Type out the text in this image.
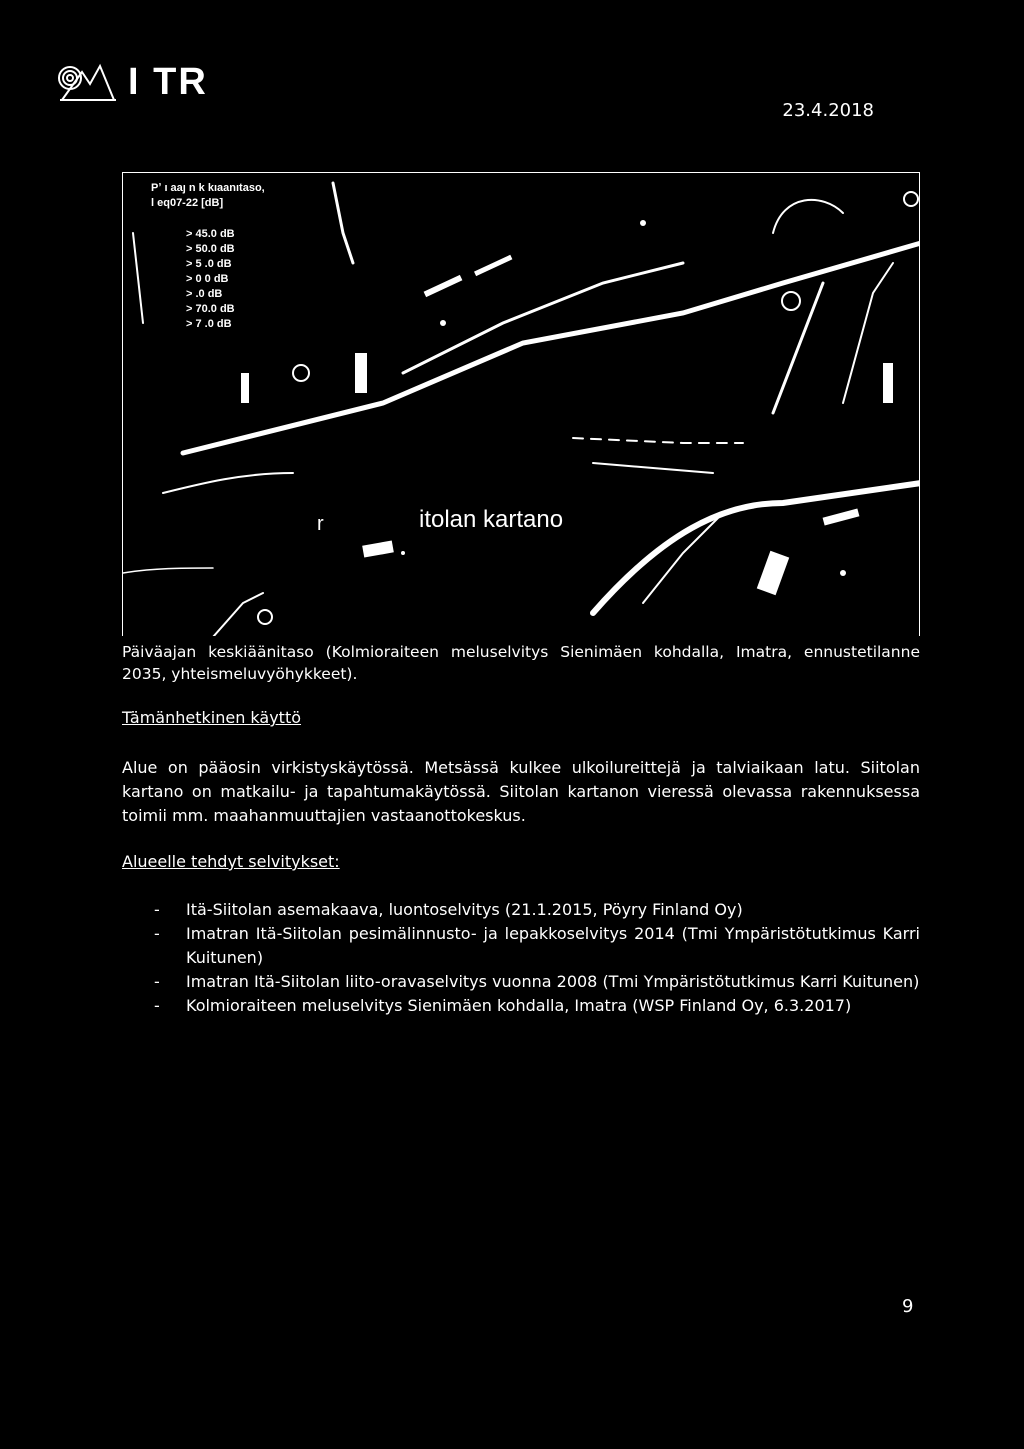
I TR
23.4.2018
Pʼ ı aaȷ n k kıaanıtaso,
l eq07-22 [dB]
> 45.0 dB
> 50.0 dB
> 5 .0 dB
> 0 0 dB
> .0 dB
> 70.0 dB
> 7 .0 dB
r	itolan kartano
Päiväajan keskiäänitaso (Kolmioraiteen meluselvitys Sienimäen kohdalla, Imatra, ennustetilanne 2035, yhteismeluvyöhykkeet).
Tämänhetkinen käyttö
Alue on pääosin virkistyskäytössä. Metsässä kulkee ulkoilureittejä ja talviaikaan latu. Siitolan kartano on matkailu- ja tapahtumakäytössä. Siitolan kartanon vieressä olevassa rakennuksessa toimii mm. maahanmuuttajien vastaanottokeskus.
Alueelle tehdyt selvitykset:
- Itä-Siitolan asemakaava, luontoselvitys (21.1.2015, Pöyry Finland Oy)
- Imatran Itä-Siitolan pesimälinnusto- ja lepakkoselvitys 2014 (Tmi Ympäristötutkimus Karri Kuitunen)
- Imatran Itä-Siitolan liito-oravaselvitys vuonna 2008 (Tmi Ympäristötutkimus Karri Kuitunen)
- Kolmioraiteen meluselvitys Sienimäen kohdalla, Imatra (WSP Finland Oy, 6.3.2017)
9
